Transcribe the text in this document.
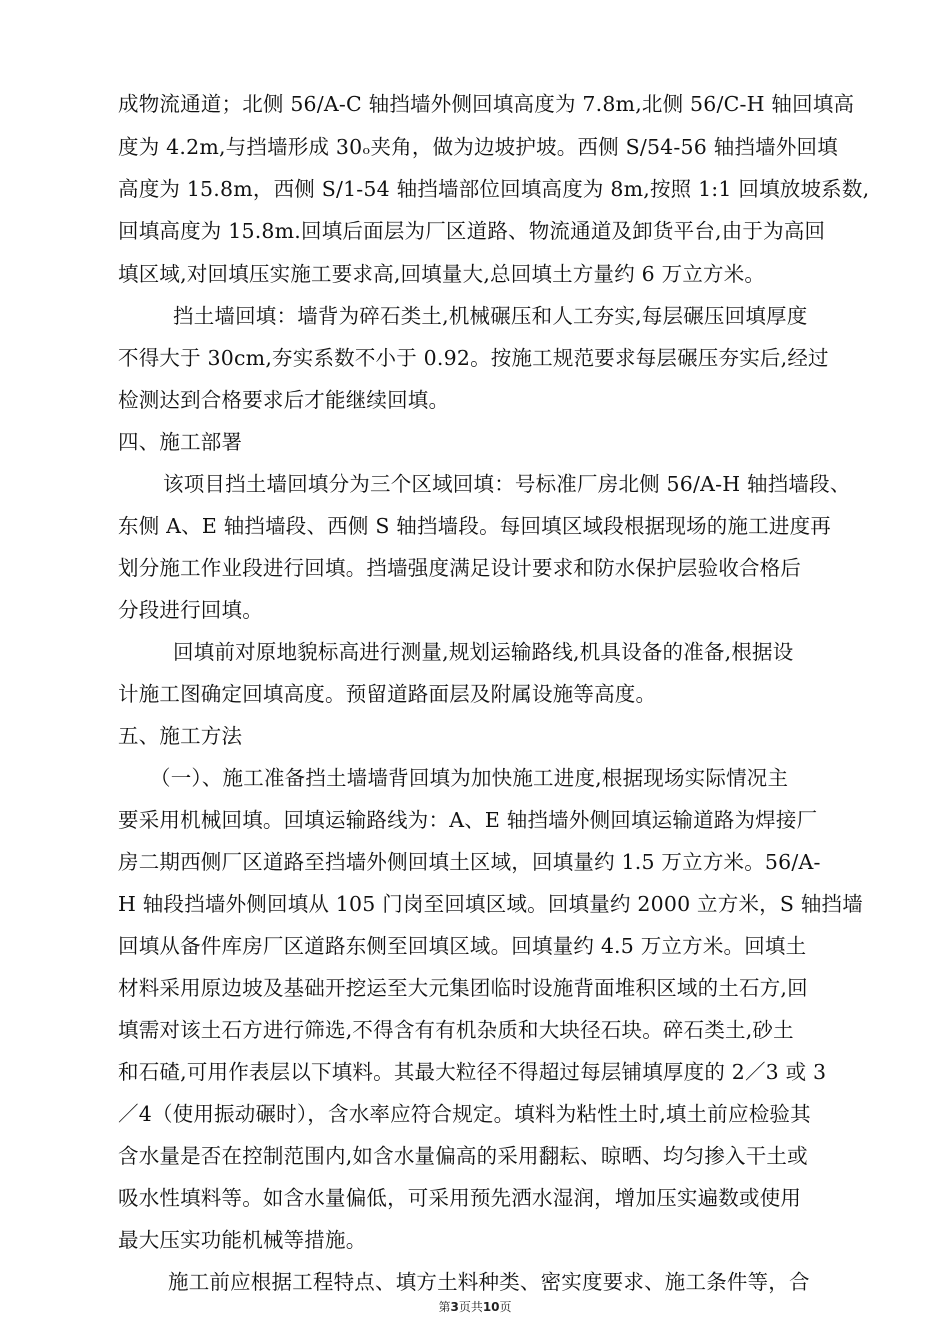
成物流通道；北侧 56/A-C 轴挡墙外侧回填高度为 7.8m,北侧 56/C-H 轴回填高
度为 4.2m,与挡墙形成 30ₒ夹角，做为边坡护坡。西侧 S/54-56 轴挡墙外回填
高度为 15.8m，西侧 S/1-54 轴挡墙部位回填高度为 8m,按照 1:1 回填放坡系数,
回填高度为 15.8m.回填后面层为厂区道路、物流通道及卸货平台,由于为高回
填区域,对回填压实施工要求高,回填量大,总回填土方量约 6 万立方米。
挡土墙回填：墙背为碎石类土,机械碾压和人工夯实,每层碾压回填厚度
不得大于 30cm,夯实系数不小于 0.92。按施工规范要求每层碾压夯实后,经过
检测达到合格要求后才能继续回填。
四、施工部署
该项目挡土墙回填分为三个区域回填：号标准厂房北侧 56/A-H 轴挡墙段、
东侧 A、E 轴挡墙段、西侧 S 轴挡墙段。每回填区域段根据现场的施工进度再
划分施工作业段进行回填。挡墙强度满足设计要求和防水保护层验收合格后
分段进行回填。
回填前对原地貌标高进行测量,规划运输路线,机具设备的准备,根据设
计施工图确定回填高度。预留道路面层及附属设施等高度。
五、施工方法
（一）、施工准备挡土墙墙背回填为加快施工进度,根据现场实际情况主
要采用机械回填。回填运输路线为：A、E 轴挡墙外侧回填运输道路为焊接厂
房二期西侧厂区道路至挡墙外侧回填土区域，回填量约 1.5 万立方米。56/A-
H 轴段挡墙外侧回填从 105 门岗至回填区域。回填量约 2000 立方米，S 轴挡墙
回填从备件库房厂区道路东侧至回填区域。回填量约 4.5 万立方米。回填土
材料采用原边坡及基础开挖运至大元集团临时设施背面堆积区域的土石方,回
填需对该土石方进行筛选,不得含有有机杂质和大块径石块。碎石类土,砂土
和石碴,可用作表层以下填料。其最大粒径不得超过每层铺填厚度的 2／3 或 3
／4（使用振动碾时），含水率应符合规定。填料为粘性土时,填土前应检验其
含水量是否在控制范围内,如含水量偏高的采用翻耘、晾晒、均匀掺入干土或
吸水性填料等。如含水量偏低，可采用预先洒水湿润，增加压实遍数或使用
最大压实功能机械等措施。
施工前应根据工程特点、填方土料种类、密实度要求、施工条件等，合
第3页共10页
